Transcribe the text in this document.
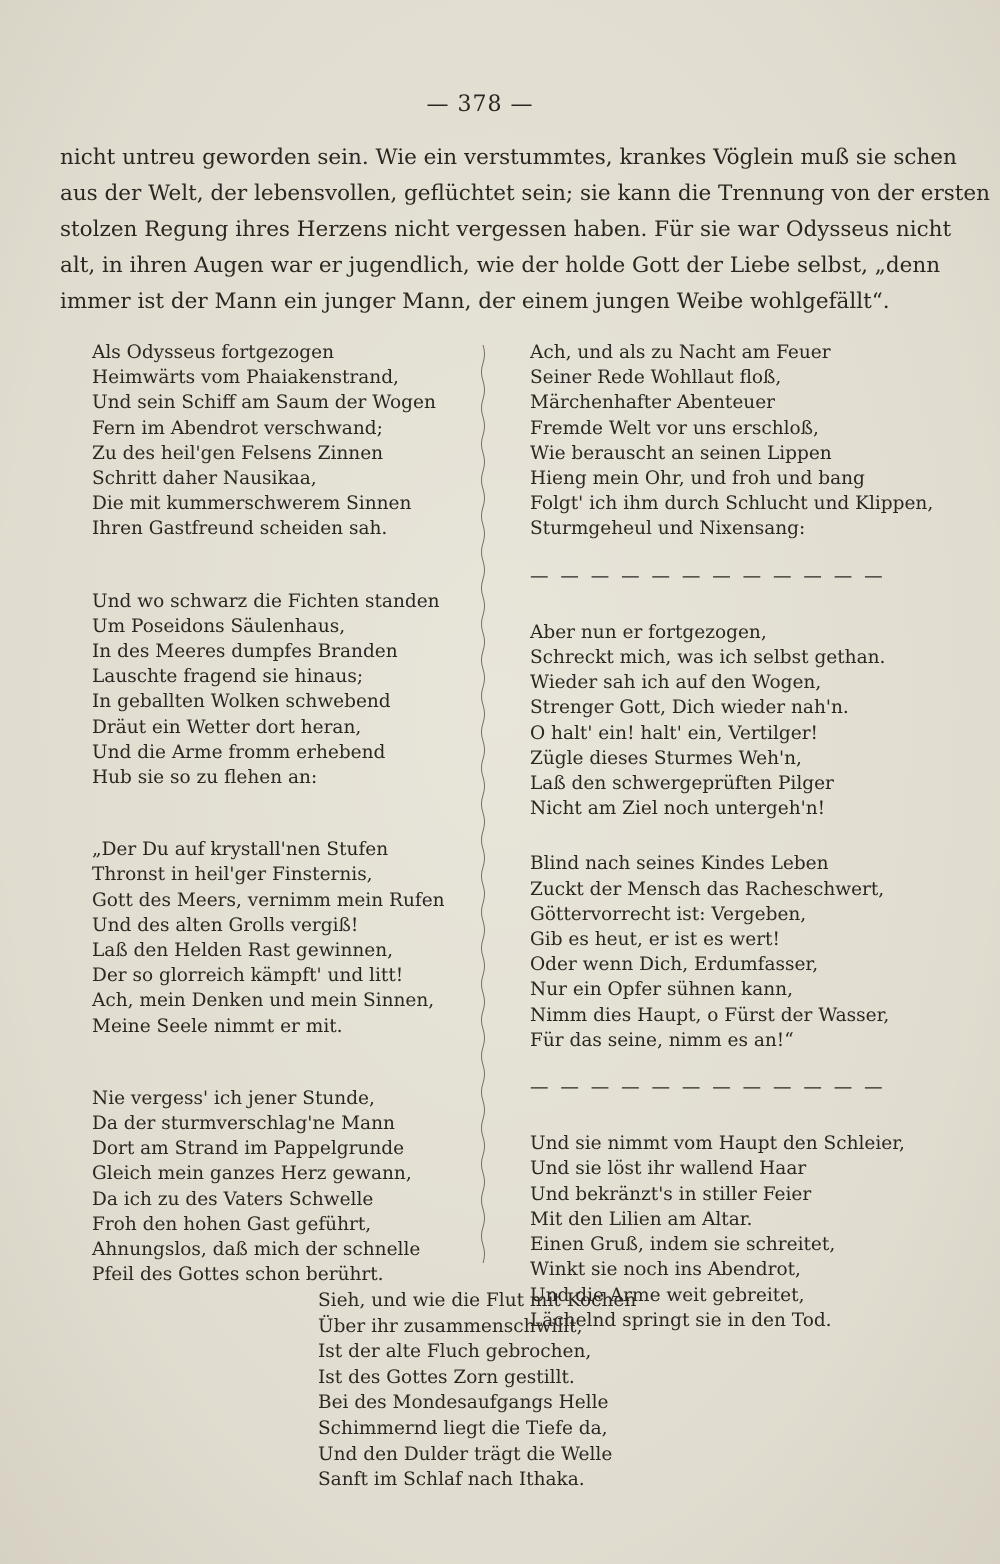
— 378 —
nicht untreu geworden sein. Wie ein verstummtes, krankes Vöglein muß sie schen
aus der Welt, der lebensvollen, geflüchtet sein; sie kann die Trennung von der ersten
stolzen Regung ihres Herzens nicht vergessen haben. Für sie war Odysseus nicht
alt, in ihren Augen war er jugendlich, wie der holde Gott der Liebe selbst, „denn
immer ist der Mann ein junger Mann, der einem jungen Weibe wohlgefällt“.
Als Odysseus fortgezogen
Heimwärts vom Phaiakenstrand,
Und sein Schiff am Saum der Wogen
Fern im Abendrot verschwand;
Zu des heil'gen Felsens Zinnen
Schritt daher Nausikaa,
Die mit kummerschwerem Sinnen
Ihren Gastfreund scheiden sah.
Und wo schwarz die Fichten standen
Um Poseidons Säulenhaus,
In des Meeres dumpfes Branden
Lauschte fragend sie hinaus;
In geballten Wolken schwebend
Dräut ein Wetter dort heran,
Und die Arme fromm erhebend
Hub sie so zu flehen an:
„Der Du auf krystall'nen Stufen
Thronst in heil'ger Finsternis,
Gott des Meers, vernimm mein Rufen
Und des alten Grolls vergiß!
Laß den Helden Rast gewinnen,
Der so glorreich kämpft' und litt!
Ach, mein Denken und mein Sinnen,
Meine Seele nimmt er mit.
Nie vergess' ich jener Stunde,
Da der sturmverschlag'ne Mann
Dort am Strand im Pappelgrunde
Gleich mein ganzes Herz gewann,
Da ich zu des Vaters Schwelle
Froh den hohen Gast geführt,
Ahnungslos, daß mich der schnelle
Pfeil des Gottes schon berührt.
Ach, und als zu Nacht am Feuer
Seiner Rede Wohllaut floß,
Märchenhafter Abenteuer
Fremde Welt vor uns erschloß,
Wie berauscht an seinen Lippen
Hieng mein Ohr, und froh und bang
Folgt' ich ihm durch Schlucht und Klippen,
Sturmgeheul und Nixensang:
— — — — — — — — — — — —
Aber nun er fortgezogen,
Schreckt mich, was ich selbst gethan.
Wieder sah ich auf den Wogen,
Strenger Gott, Dich wieder nah'n.
O halt' ein! halt' ein, Vertilger!
Zügle dieses Sturmes Weh'n,
Laß den schwergeprüften Pilger
Nicht am Ziel noch untergeh'n!
Blind nach seines Kindes Leben
Zuckt der Mensch das Racheschwert,
Göttervorrecht ist: Vergeben,
Gib es heut, er ist es wert!
Oder wenn Dich, Erdumfasser,
Nur ein Opfer sühnen kann,
Nimm dies Haupt, o Fürst der Wasser,
Für das seine, nimm es an!“
— — — — — — — — — — — —
Und sie nimmt vom Haupt den Schleier,
Und sie löst ihr wallend Haar
Und bekränzt's in stiller Feier
Mit den Lilien am Altar.
Einen Gruß, indem sie schreitet,
Winkt sie noch ins Abendrot,
Und die Arme weit gebreitet,
Lächelnd springt sie in den Tod.
Sieh, und wie die Flut mit Kochen
Über ihr zusammenschwillt,
Ist der alte Fluch gebrochen,
Ist des Gottes Zorn gestillt.
Bei des Mondesaufgangs Helle
Schimmernd liegt die Tiefe da,
Und den Dulder trägt die Welle
Sanft im Schlaf nach Ithaka.
